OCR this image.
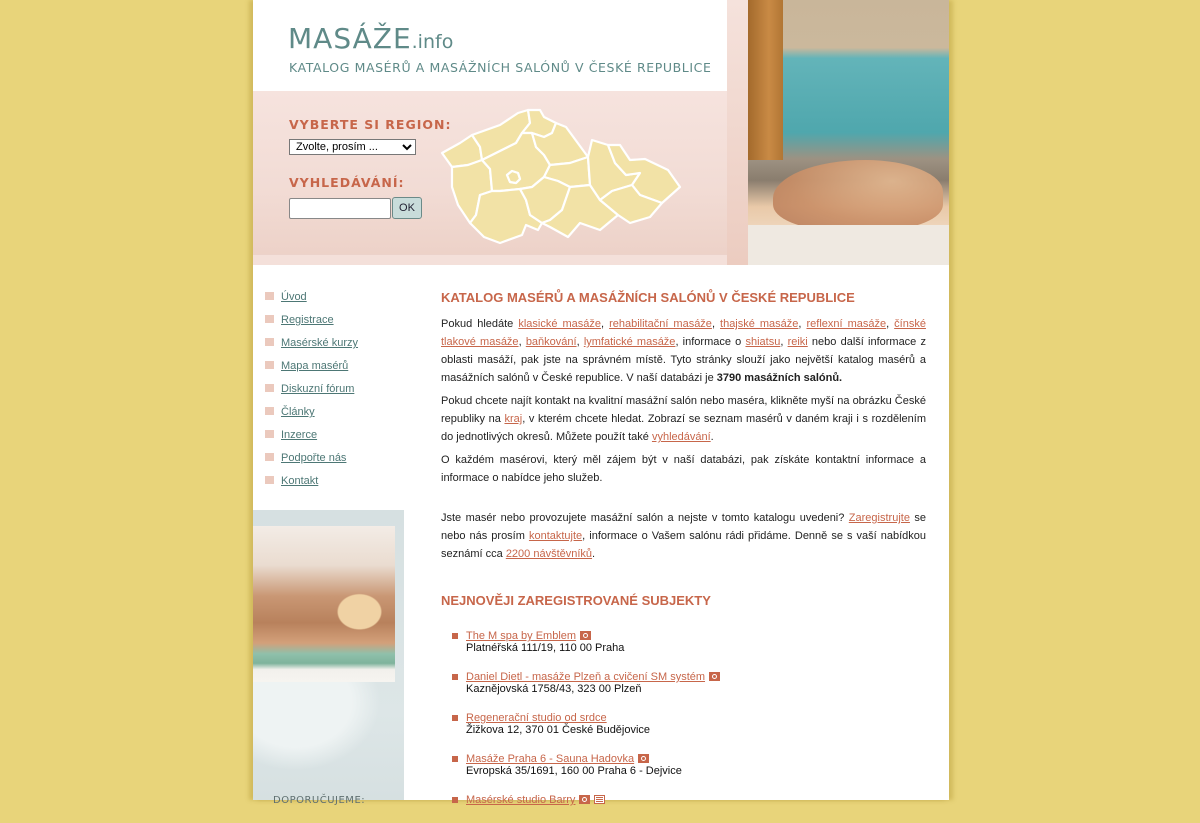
MASÁŽE.info
KATALOG MASÉRŮ A MASÁŽNÍCH SALÓNŮ V ČESKÉ REPUBLICE
VYBERTE SI REGION:
Zvolte, prosím ...
VYHLEDÁVÁNÍ:
OK
Úvod
Registrace
Masérské kurzy
Mapa masérů
Diskuzní fórum
Články
Inzerce
Podpořte nás
Kontakt
DOPORUČUJEME:
KATALOG MASÉRŮ A MASÁŽNÍCH SALÓNŮ V ČESKÉ REPUBLICE

Pokud hledáte klasické masáže, rehabilitační masáže, thajské masáže, reflexní masáže, čínské tlakové masáže, baňkování, lymfatické masáže, informace o shiatsu, reiki nebo další informace z oblasti masáží, pak jste na správném místě. Tyto stránky slouží jako největší katalog masérů a masážních salónů v České republice. V naší databázi je 3790 masážních salónů.

Pokud chcete najít kontakt na kvalitní masážní salón nebo maséra, klikněte myší na obrázku České republiky na kraj, v kterém chcete hledat. Zobrazí se seznam masérů v daném kraji i s rozdělením do jednotlivých okresů. Můžete použít také vyhledávání.

O každém masérovi, který měl zájem být v naší databázi, pak získáte kontaktní informace a informace o nabídce jeho služeb.

Jste masér nebo provozujete masážní salón a nejste v tomto katalogu uvedeni? Zaregistrujte se nebo nás prosím kontaktujte, informace o Vašem salónu rádi přidáme. Denně se s vaší nabídkou seznámí cca 2200 návštěvníků.

NEJNOVĚJI ZAREGISTROVANÉ SUBJEKTY
The M spa by Emblem
Platnéřská 111/19, 110 00 Praha
Daniel Dietl - masáže Plzeň a cvičení SM systém
Kaznějovská 1758/43, 323 00 Plzeň
Regenerační studio od srdce
Žižkova 12, 370 01 České Budějovice
Masáže Praha 6 - Sauna Hadovka
Evropská 35/1691, 160 00 Praha 6 - Dejvice
Masérské studio Barry
